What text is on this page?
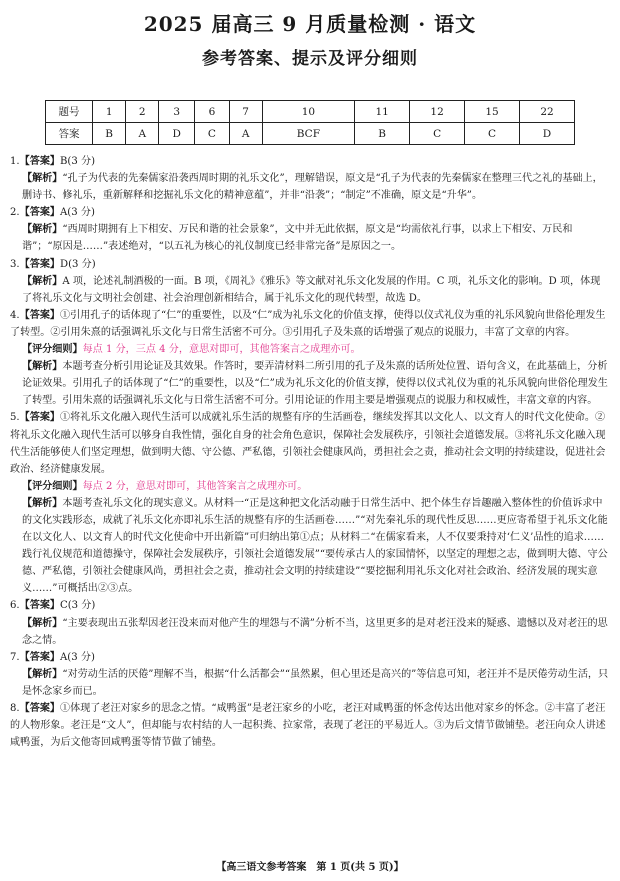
2025 届高三 9 月质量检测 · 语文
参考答案、提示及评分细则
题号	1	2	3	6	7	10	11	12	15	22
答案	B	A	D	C	A	BCF	B	C	C	D

1.【答案】B(3 分)

【解析】“孔子为代表的先秦儒家沿袭西周时期的礼乐文化”，理解错误，原文是“孔子为代表的先秦儒家在整理三代之礼的基础上，删诗书、修礼乐，重新解释和挖掘礼乐文化的精神意蕴”，并非“沿袭”；“制定”不准确，原文是“升华”。

2.【答案】A(3 分)

【解析】“西周时期拥有上下相安、万民和谐的社会景象”，文中并无此依据，原文是“均需依礼行事，以求上下相安、万民和谐”；“原因是……”表述绝对，“以五礼为核心的礼仪制度已经非常完备”是原因之一。

3.【答案】D(3 分)

【解析】A 项，论述礼制酒极的一面。B 项，《周礼》《雅乐》等文献对礼乐文化发展的作用。C 项，礼乐文化的影响。D 项，体现了将礼乐文化与文明社会创建、社会治理创新相结合，属于礼乐文化的现代转型，故选 D。

4.【答案】①引用孔子的话体现了“仁”的重要性，以及“仁”成为礼乐文化的价值支撑，使得以仪式礼仪为重的礼乐风貌向世俗伦理发生了转型。②引用朱熹的话强调礼乐文化与日常生活密不可分。③引用孔子及朱熹的话增强了观点的说服力，丰富了文章的内容。

【评分细则】每点 1 分，三点 4 分，意思对即可，其他答案言之成理亦可。

【解析】本题考查分析引用论证及其效果。作答时，要弄清材料二所引用的孔子及朱熹的话所处位置、语句含义，在此基础上，分析论证效果。引用孔子的话体现了“仁”的重要性，以及“仁”成为礼乐文化的价值支撑，使得以仪式礼仪为重的礼乐风貌向世俗伦理发生了转型。引用朱熹的话强调礼乐文化与日常生活密不可分。引用论证的作用主要是增强观点的说服力和权威性，丰富文章的内容。

5.【答案】①将礼乐文化融入现代生活可以成就礼乐生活的规整有序的生活画卷，继续发挥其以文化人、以文育人的时代文化使命。②将礼乐文化融入现代生活可以够身自我性情，强化自身的社会角色意识，保障社会发展秩序，引领社会道德发展。③将礼乐文化融入现代生活能够使人们坚定理想，做到明大德、守公德、严私德，引领社会健康风尚，勇担社会之责，推动社会文明的持续建设，促进社会政治、经济健康发展。

【评分细则】每点 2 分，意思对即可，其他答案言之成理亦可。

【解析】本题考查礼乐文化的现实意义。从材料一“正是这种把文化活动融于日常生活中、把个体生存旨趣融入整体性的价值诉求中的文化实践形态，成就了礼乐文化亦即礼乐生活的规整有序的生活画卷……”“对先秦礼乐的现代性反思……更应寄希望于礼乐文化能在以文化人、以文育人的时代文化使命中开出新篇”可归纳出第①点；从材料二“在儒家看来，人不仅要秉持对‘仁义’品性的追求……践行礼仪规范和道德操守，保障社会发展秩序，引领社会道德发展”“要传承古人的家国情怀，以坚定的理想之志，做到明大德、守公德、严私德，引领社会健康风尚，勇担社会之责，推动社会文明的持续建设”“要挖掘利用礼乐文化对社会政治、经济发展的现实意义……”可概括出②③点。

6.【答案】C(3 分)

【解析】“主要表现出五张犁因老汪没来而对他产生的埋怨与不满”分析不当，这里更多的是对老汪没来的疑惑、遗憾以及对老汪的思念之情。

7.【答案】A(3 分)

【解析】“对劳动生活的厌倦”理解不当，根据“什么活都会”“虽然累，但心里还是高兴的”等信息可知，老汪并不是厌倦劳动生活，只是怀念家乡而已。

8.【答案】①体现了老汪对家乡的思念之情。“咸鸭蛋”是老汪家乡的小吃，老汪对咸鸭蛋的怀念传达出他对家乡的怀念。②丰富了老汪的人物形象。老汪是“文人”，但却能与农村结的人一起积粪、拉家常，表现了老汪的平易近人。③为后文情节做铺垫。老汪向众人讲述咸鸭蛋，为后文他寄回咸鸭蛋等情节做了铺垫。

【高三语文参考答案　第 1 页(共 5 页)】
